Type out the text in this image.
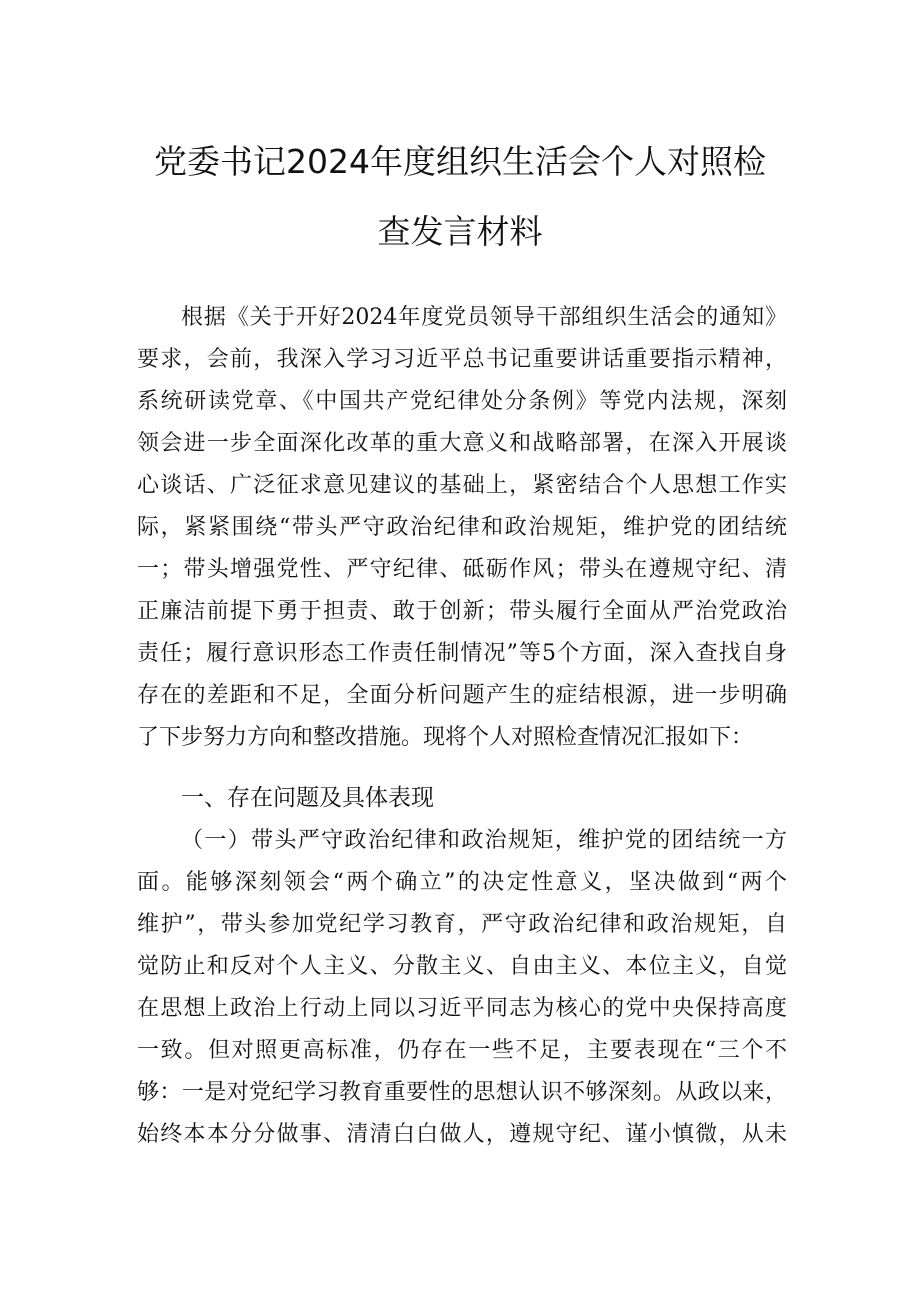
党委书记2024年度组织生活会个人对照检
查发言材料
根据《关于开好2024年度党员领导干部组织生活会的通知》
要求，会前，我深入学习习近平总书记重要讲话重要指示精神，
系统研读党章、《中国共产党纪律处分条例》等党内法规，深刻
领会进一步全面深化改革的重大意义和战略部署，在深入开展谈
心谈话、广泛征求意见建议的基础上，紧密结合个人思想工作实
际，紧紧围绕“带头严守政治纪律和政治规矩，维护党的团结统
一；带头增强党性、严守纪律、砥砺作风；带头在遵规守纪、清
正廉洁前提下勇于担责、敢于创新；带头履行全面从严治党政治
责任；履行意识形态工作责任制情况”等5个方面，深入查找自身
存在的差距和不足，全面分析问题产生的症结根源，进一步明确
了下步努力方向和整改措施。现将个人对照检查情况汇报如下：
一、存在问题及具体表现
（一）带头严守政治纪律和政治规矩，维护党的团结统一方
面。能够深刻领会“两个确立”的决定性意义，坚决做到“两个
维护”，带头参加党纪学习教育，严守政治纪律和政治规矩，自
觉防止和反对个人主义、分散主义、自由主义、本位主义，自觉
在思想上政治上行动上同以习近平同志为核心的党中央保持高度
一致。但对照更高标准，仍存在一些不足，主要表现在“三个不
够：一是对党纪学习教育重要性的思想认识不够深刻。从政以来，
始终本本分分做事、清清白白做人，遵规守纪、谨小慎微，从未
